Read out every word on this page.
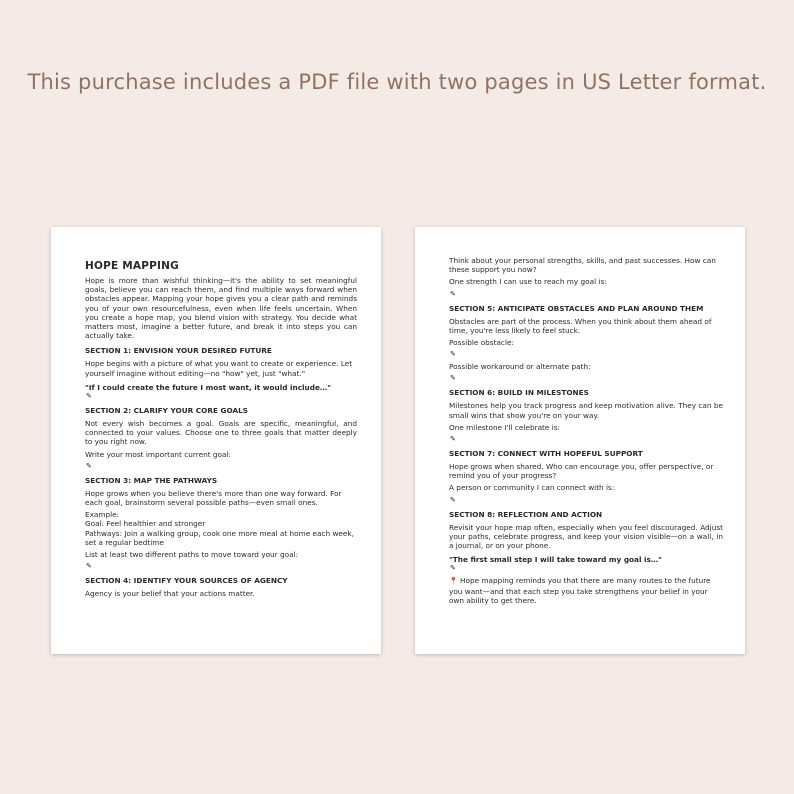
This purchase includes a PDF file with two pages in US Letter format.

HOPE MAPPING

Hope is more than wishful thinking—it's the ability to set meaningful goals, believe you can reach them, and find multiple ways forward when obstacles appear. Mapping your hope gives you a clear path and reminds you of your own resourcefulness, even when life feels uncertain. When you create a hope map, you blend vision with strategy. You decide what matters most, imagine a better future, and break it into steps you can actually take.

SECTION 1: ENVISION YOUR DESIRED FUTURE

Hope begins with a picture of what you want to create or experience. Let yourself imagine without editing—no "how" yet, just "what."

"If I could create the future I most want, it would include…"

✎
SECTION 2: CLARIFY YOUR CORE GOALS

Not every wish becomes a goal. Goals are specific, meaningful, and connected to your values. Choose one to three goals that matter deeply to you right now.

Write your most important current goal:

✎
SECTION 3: MAP THE PATHWAYS

Hope grows when you believe there's more than one way forward. For each goal, brainstorm several possible paths—even small ones.

Example:

Goal: Feel healthier and stronger

Pathways: Join a walking group, cook one more meal at home each week, set a regular bedtime

List at least two different paths to move toward your goal:

✎
SECTION 4: IDENTIFY YOUR SOURCES OF AGENCY

Agency is your belief that your actions matter.

Think about your personal strengths, skills, and past successes. How can these support you now?

One strength I can use to reach my goal is:

✎
SECTION 5: ANTICIPATE OBSTACLES AND PLAN AROUND THEM

Obstacles are part of the process. When you think about them ahead of time, you're less likely to feel stuck.

Possible obstacle:

✎

Possible workaround or alternate path:

✎
SECTION 6: BUILD IN MILESTONES

Milestones help you track progress and keep motivation alive. They can be small wins that show you're on your way.

One milestone I'll celebrate is:

✎
SECTION 7: CONNECT WITH HOPEFUL SUPPORT

Hope grows when shared. Who can encourage you, offer perspective, or remind you of your progress?

A person or community I can connect with is:

✎
SECTION 8: REFLECTION AND ACTION

Revisit your hope map often, especially when you feel discouraged. Adjust your paths, celebrate progress, and keep your vision visible—on a wall, in a journal, or on your phone.

"The first small step I will take toward my goal is…"

✎

📍 Hope mapping reminds you that there are many routes to the future you want—and that each step you take strengthens your belief in your own ability to get there.
